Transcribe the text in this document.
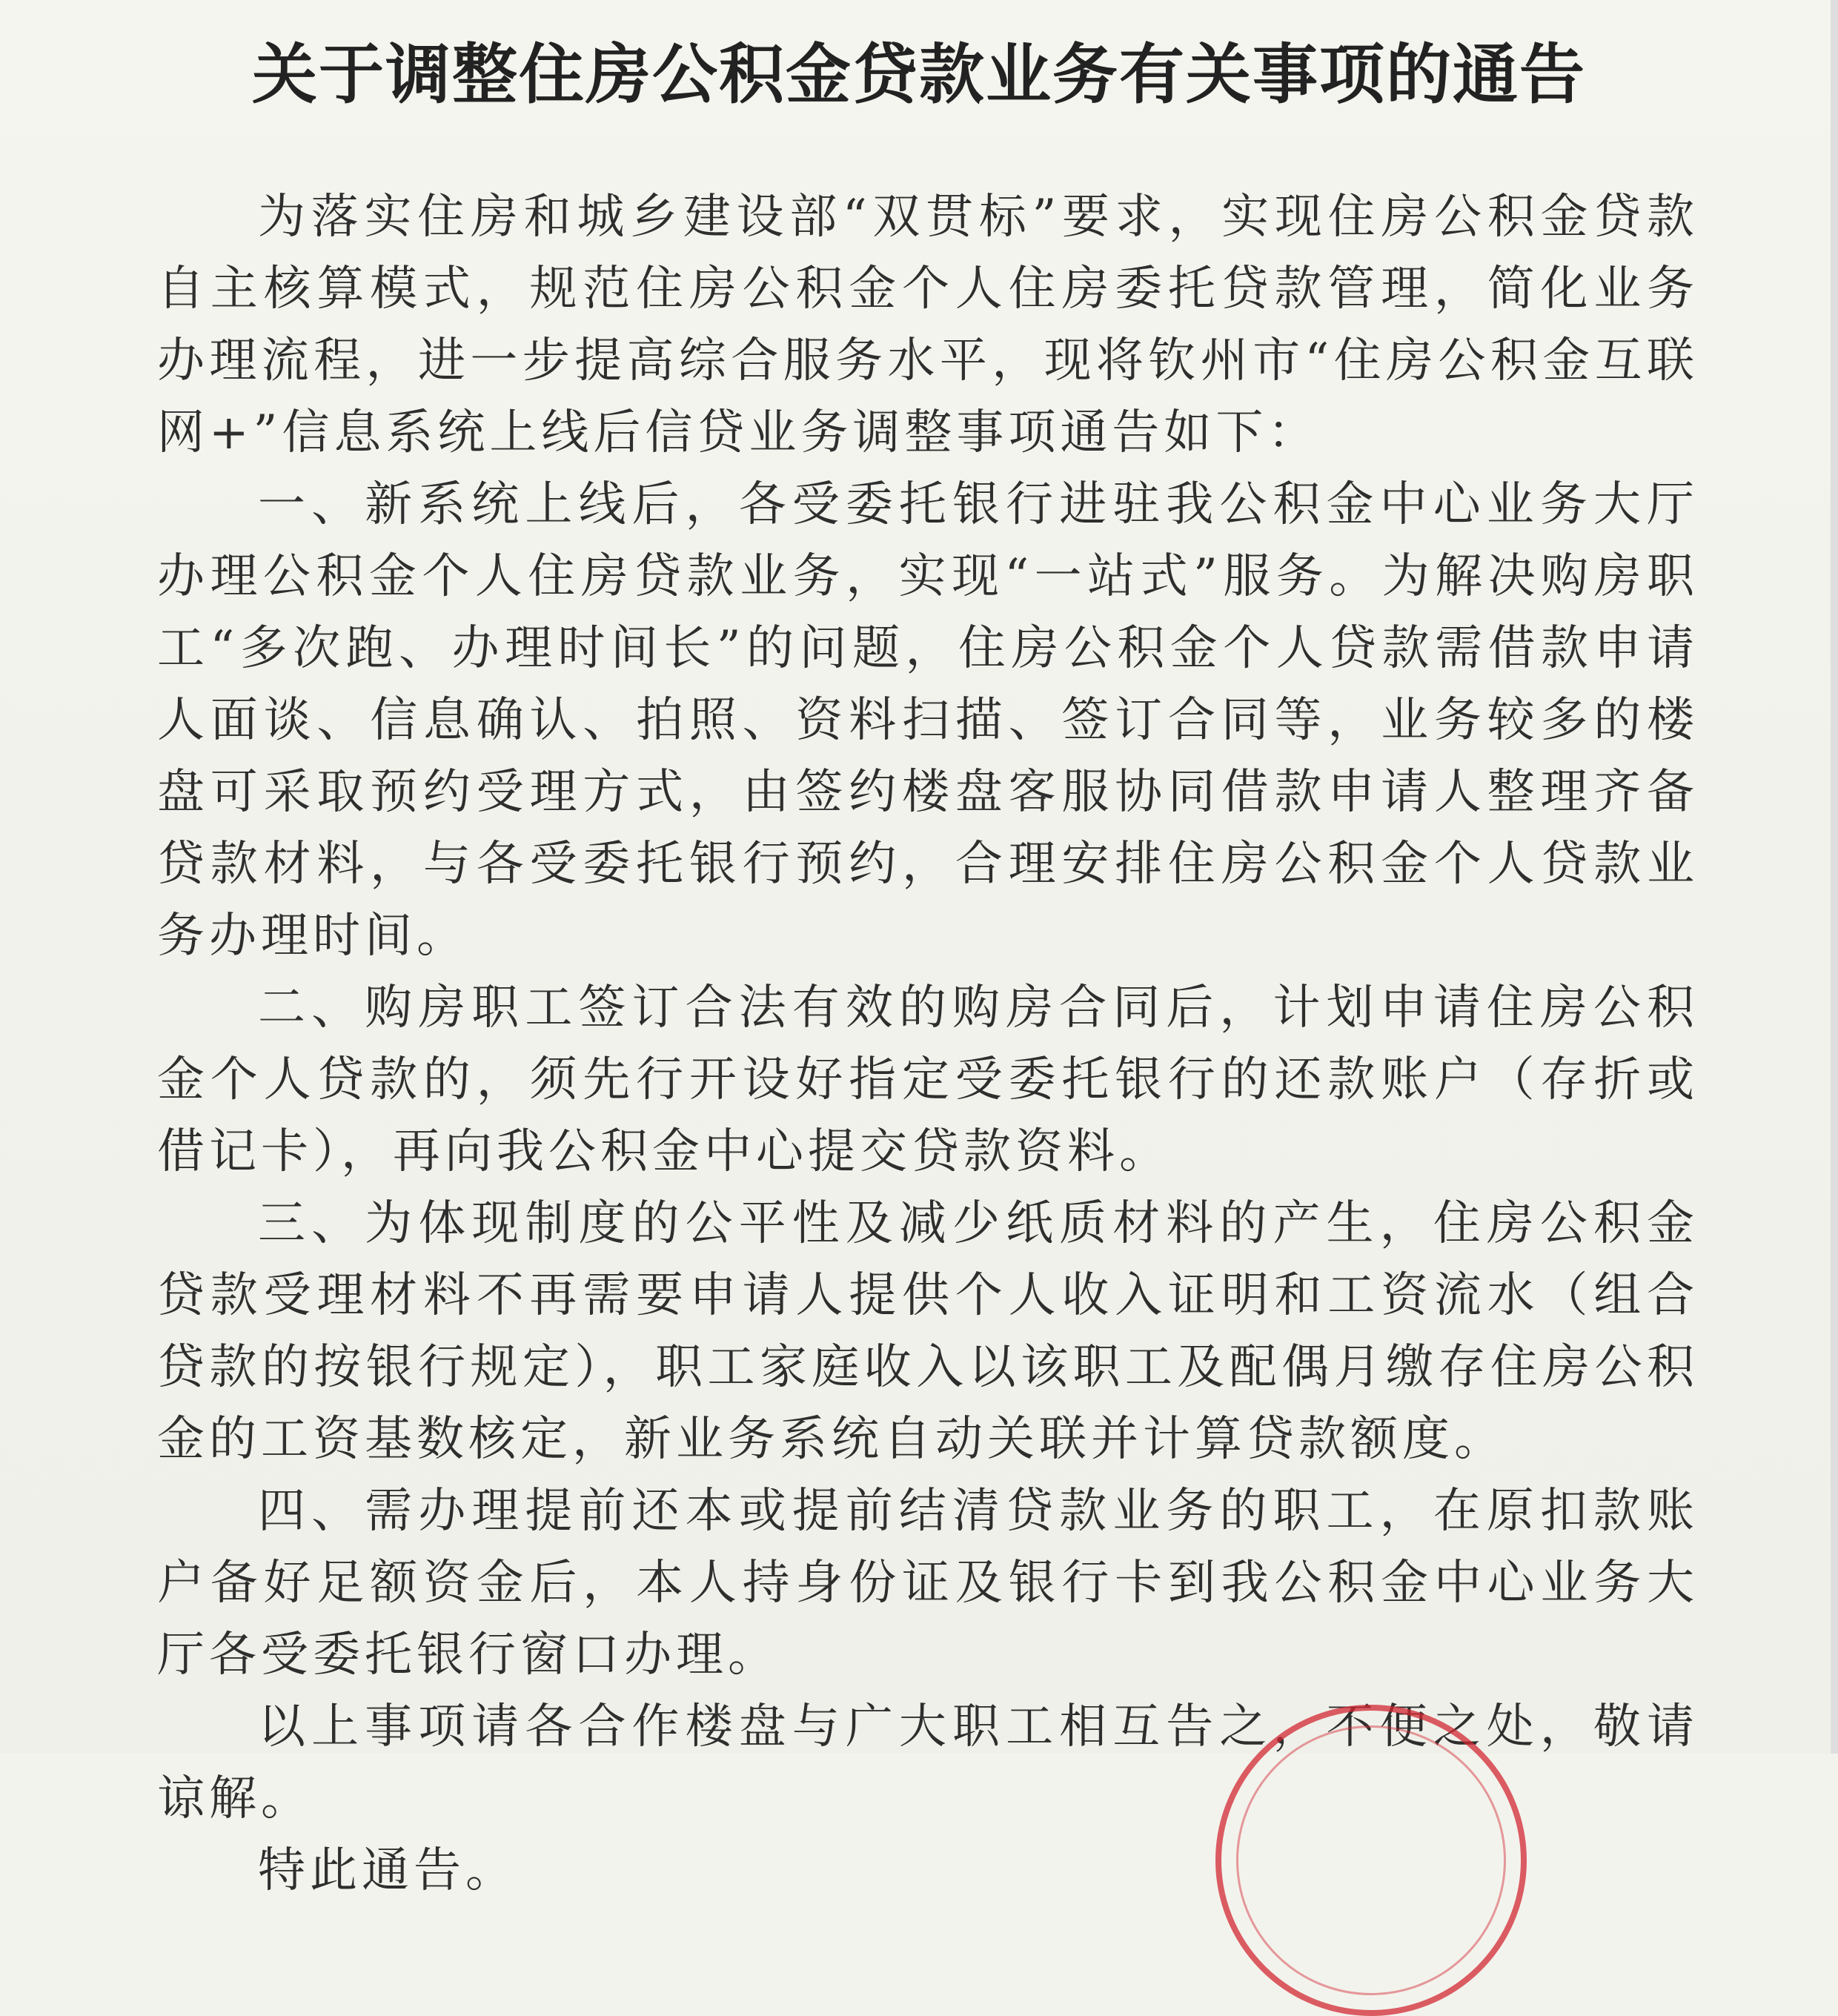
关于调整住房公积金贷款业务有关事项的通告

为落实住房和城乡建设部“双贯标”要求，实现住房公积金贷款自主核算模式，规范住房公积金个人住房委托贷款管理，简化业务办理流程，进一步提高综合服务水平，现将钦州市“住房公积金互联网+”信息系统上线后信贷业务调整事项通告如下：

一、新系统上线后，各受委托银行进驻我公积金中心业务大厅办理公积金个人住房贷款业务，实现“一站式”服务。为解决购房职工“多次跑、办理时间长”的问题，住房公积金个人贷款需借款申请人面谈、信息确认、拍照、资料扫描、签订合同等，业务较多的楼盘可采取预约受理方式，由签约楼盘客服协同借款申请人整理齐备贷款材料，与各受委托银行预约，合理安排住房公积金个人贷款业务办理时间。

二、购房职工签订合法有效的购房合同后，计划申请住房公积金个人贷款的，须先行开设好指定受委托银行的还款账户（存折或借记卡），再向我公积金中心提交贷款资料。

三、为体现制度的公平性及减少纸质材料的产生，住房公积金贷款受理材料不再需要申请人提供个人收入证明和工资流水（组合贷款的按银行规定），职工家庭收入以该职工及配偶月缴存住房公积金的工资基数核定，新业务系统自动关联并计算贷款额度。

四、需办理提前还本或提前结清贷款业务的职工，在原扣款账户备好足额资金后，本人持身份证及银行卡到我公积金中心业务大厅各受委托银行窗口办理。

以上事项请各合作楼盘与广大职工相互告之，不便之处，敬请谅解。

特此通告。
